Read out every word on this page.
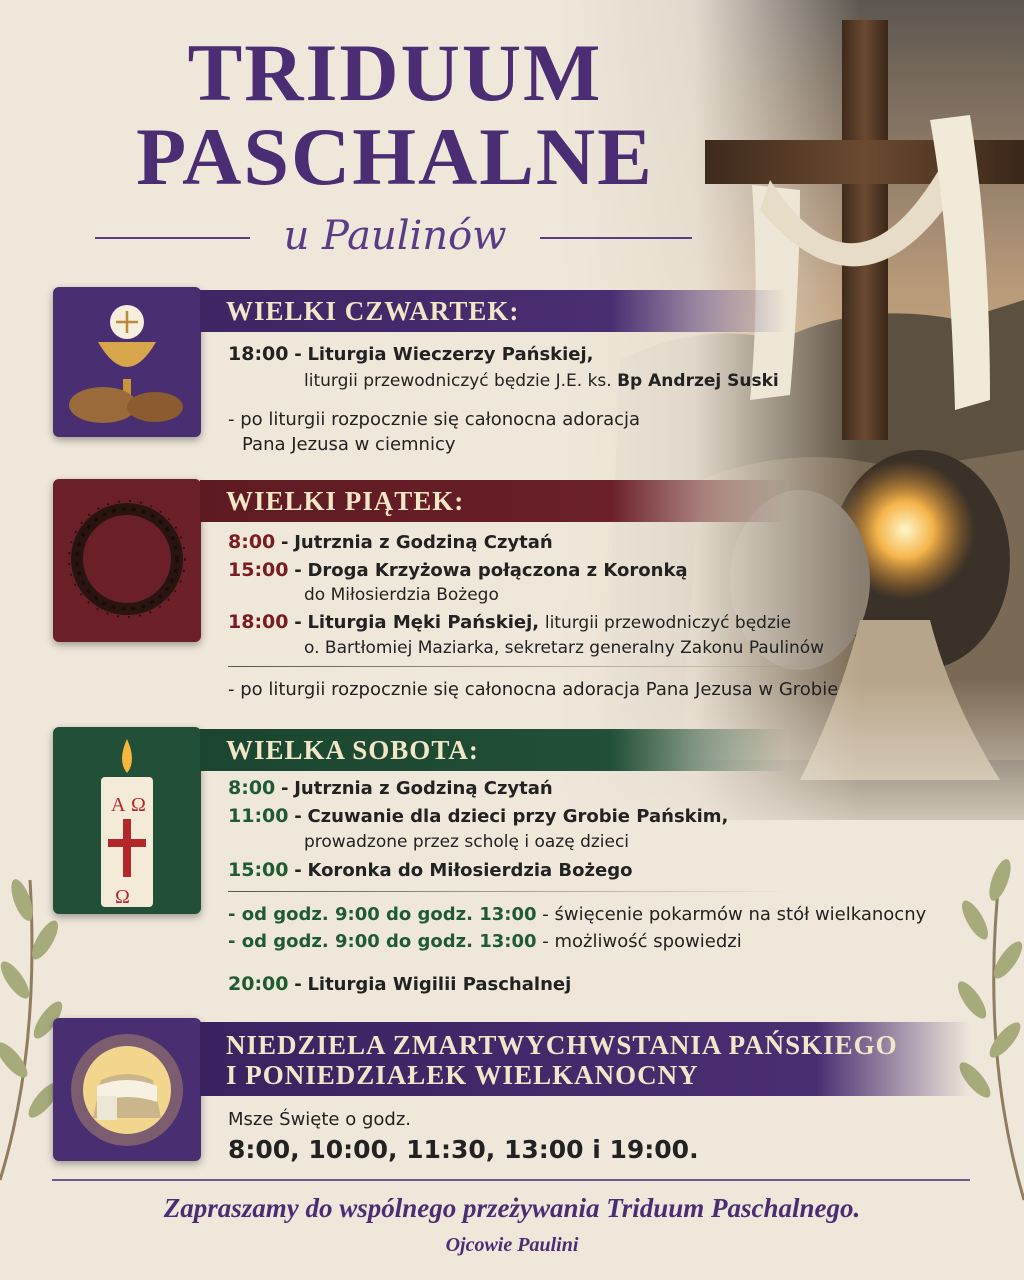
TRIDUUM
PASCHALNE
u Paulinów
WIELKI CZWARTEK:
18:00 - Liturgia Wieczerzy Pańskiej,
liturgii przewodniczyć będzie J.E. ks. Bp Andrzej Suski
- po liturgii rozpocznie się całonocna adoracja
Pana Jezusa w ciemnicy
WIELKI PIĄTEK:
8:00 - Jutrznia z Godziną Czytań
15:00 - Droga Krzyżowa połączona z Koronką
do Miłosierdzia Bożego
18:00 - Liturgia Męki Pańskiej, liturgii przewodniczyć będzie
o. Bartłomiej Maziarka, sekretarz generalny Zakonu Paulinów
- po liturgii rozpocznie się całonocna adoracja Pana Jezusa w Grobie
A Ω
Ω
WIELKA SOBOTA:
8:00 - Jutrznia z Godziną Czytań
11:00 - Czuwanie dla dzieci przy Grobie Pańskim,
prowadzone przez scholę i oazę dzieci
15:00 - Koronka do Miłosierdzia Bożego
- od godz. 9:00 do godz. 13:00 - święcenie pokarmów na stół wielkanocny
- od godz. 9:00 do godz. 13:00 - możliwość spowiedzi
20:00 - Liturgia Wigilii Paschalnej
NIEDZIELA ZMARTWYCHWSTANIA PAŃSKIEGO
I PONIEDZIAŁEK WIELKANOCNY
Msze Święte o godz.
8:00, 10:00, 11:30, 13:00 i 19:00.
Zapraszamy do wspólnego przeżywania Triduum Paschalnego.
Ojcowie Paulini
